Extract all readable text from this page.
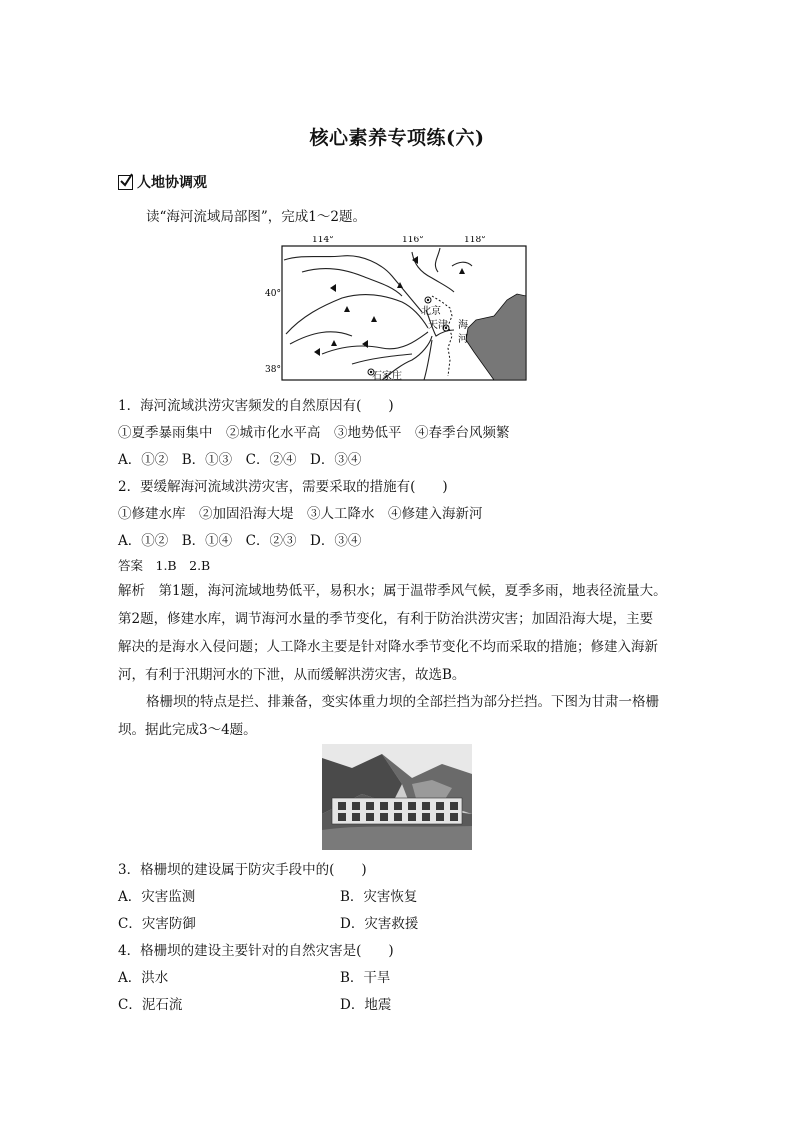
核心素养专项练(六)
人地协调观
读“海河流域局部图”，完成1～2题。
114°	116°	118°
40°
38°
北京
天津 海
河
石家庄
1．海河流域洪涝灾害频发的自然原因有(　　)
①夏季暴雨集中　②城市化水平高　③地势低平　④春季台风频繁
A．①②　B．①③　C．②④　D．③④
2．要缓解海河流域洪涝灾害，需要采取的措施有(　　)
①修建水库　②加固沿海大堤　③人工降水　④修建入海新河
A．①②　B．①④　C．②③　D．③④
答案　1.B　2.B
解析　第1题，海河流域地势低平，易积水；属于温带季风气候，夏季多雨，地表径流量大。
第2题，修建水库，调节海河水量的季节变化，有利于防治洪涝灾害；加固沿海大堤，主要
解决的是海水入侵问题；人工降水主要是针对降水季节变化不均而采取的措施；修建入海新
河，有利于汛期河水的下泄，从而缓解洪涝灾害，故选B。
格栅坝的特点是拦、排兼备，变实体重力坝的全部拦挡为部分拦挡。下图为甘肃一格栅
坝。据此完成3～4题。
3．格栅坝的建设属于防灾手段中的(　　)
A．灾害监测	B．灾害恢复
C．灾害防御	D．灾害救援
4．格栅坝的建设主要针对的自然灾害是(　　)
A．洪水	B．干旱
C．泥石流	D．地震
